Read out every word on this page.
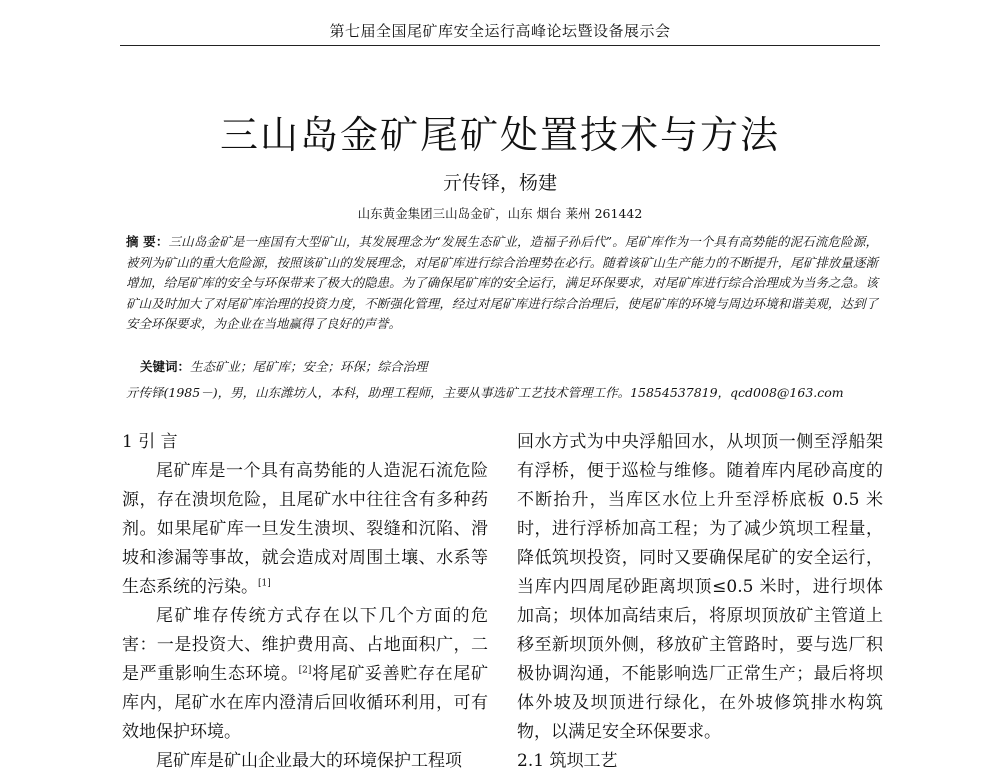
第七届全国尾矿库安全运行高峰论坛暨设备展示会
三山岛金矿尾矿处置技术与方法
亓传铎，杨建
山东黄金集团三山岛金矿，山东 烟台 莱州 261442
摘 要：三山岛金矿是一座国有大型矿山，其发展理念为“发展生态矿业，造福子孙后代”。尾矿库作为一个具有高势能的泥石流危险源，被列为矿山的重大危险源，按照该矿山的发展理念，对尾矿库进行综合治理势在必行。随着该矿山生产能力的不断提升，尾矿排放量逐渐增加，给尾矿库的安全与环保带来了极大的隐患。为了确保尾矿库的安全运行，满足环保要求，对尾矿库进行综合治理成为当务之急。该矿山及时加大了对尾矿库治理的投资力度，不断强化管理，经过对尾矿库进行综合治理后，使尾矿库的环境与周边环境和谐美观，达到了安全环保要求，为企业在当地赢得了良好的声誉。
关键词：生态矿业；尾矿库；安全；环保；综合治理
亓传铎(1985－)，男，山东潍坊人，本科，助理工程师，主要从事选矿工艺技术管理工作。15854537819，qcd008@163.com

1 引 言

尾矿库是一个具有高势能的人造泥石流危险源，存在溃坝危险，且尾矿水中往往含有多种药剂。如果尾矿库一旦发生溃坝、裂缝和沉陷、滑坡和渗漏等事故，就会造成对周围土壤、水系等生态系统的污染。[1]

尾矿堆存传统方式存在以下几个方面的危害：一是投资大、维护费用高、占地面积广，二是严重影响生态环境。[2]将尾矿妥善贮存在尾矿库内，尾矿水在库内澄清后回收循环利用，可有效地保护环境。

尾矿库是矿山企业最大的环境保护工程项

回水方式为中央浮船回水，从坝顶一侧至浮船架有浮桥，便于巡检与维修。随着库内尾砂高度的不断抬升，当库区水位上升至浮桥底板 0.5 米时，进行浮桥加高工程；为了减少筑坝工程量，降低筑坝投资，同时又要确保尾矿的安全运行，当库内四周尾砂距离坝顶≤0.5 米时，进行坝体加高；坝体加高结束后，将原坝顶放矿主管道上移至新坝顶外侧，移放矿主管路时，要与选厂积极协调沟通，不能影响选厂正常生产；最后将坝体外坡及坝顶进行绿化，在外坡修筑排水构筑物，以满足安全环保要求。

2.1 筑坝工艺
